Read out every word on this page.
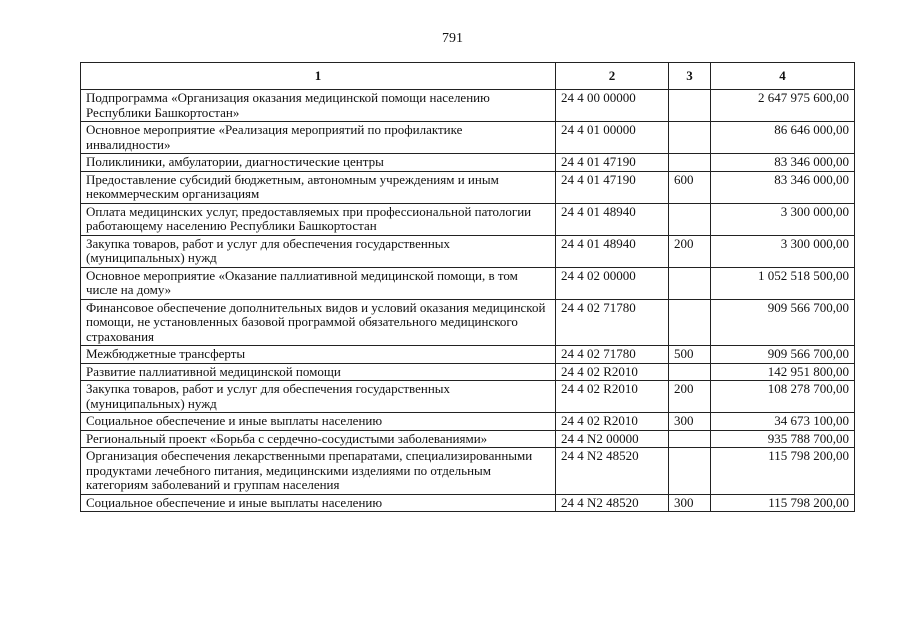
791
1	2	3	4
Подпрограмма «Организация оказания медицинской помощи населению Республики Башкортостан»	24 4 00 00000		2 647 975 600,00
Основное мероприятие «Реализация мероприятий по профилактике инвалидности»	24 4 01 00000		86 646 000,00
Поликлиники, амбулатории, диагностические центры	24 4 01 47190		83 346 000,00
Предоставление субсидий бюджетным, автономным учреждениям и иным некоммерческим организациям	24 4 01 47190	600	83 346 000,00
Оплата медицинских услуг, предоставляемых при профессиональной патологии работающему населению Республики Башкортостан	24 4 01 48940		3 300 000,00
Закупка товаров, работ и услуг для обеспечения государственных (муниципальных) нужд	24 4 01 48940	200	3 300 000,00
Основное мероприятие «Оказание паллиативной медицинской помощи, в том числе на дому»	24 4 02 00000		1 052 518 500,00
Финансовое обеспечение дополнительных видов и условий оказания медицинской помощи, не установленных базовой программой обязательного медицинского страхования	24 4 02 71780		909 566 700,00
Межбюджетные трансферты	24 4 02 71780	500	909 566 700,00
Развитие паллиативной медицинской помощи	24 4 02 R2010		142 951 800,00
Закупка товаров, работ и услуг для обеспечения государственных (муниципальных) нужд	24 4 02 R2010	200	108 278 700,00
Социальное обеспечение и иные выплаты населению	24 4 02 R2010	300	34 673 100,00
Региональный проект «Борьба с сердечно-сосудистыми заболеваниями»	24 4 N2 00000		935 788 700,00
Организация обеспечения лекарственными препаратами, специализированными продуктами лечебного питания, медицинскими изделиями по отдельным категориям заболеваний и группам населения	24 4 N2 48520		115 798 200,00
Социальное обеспечение и иные выплаты населению	24 4 N2 48520	300	115 798 200,00
